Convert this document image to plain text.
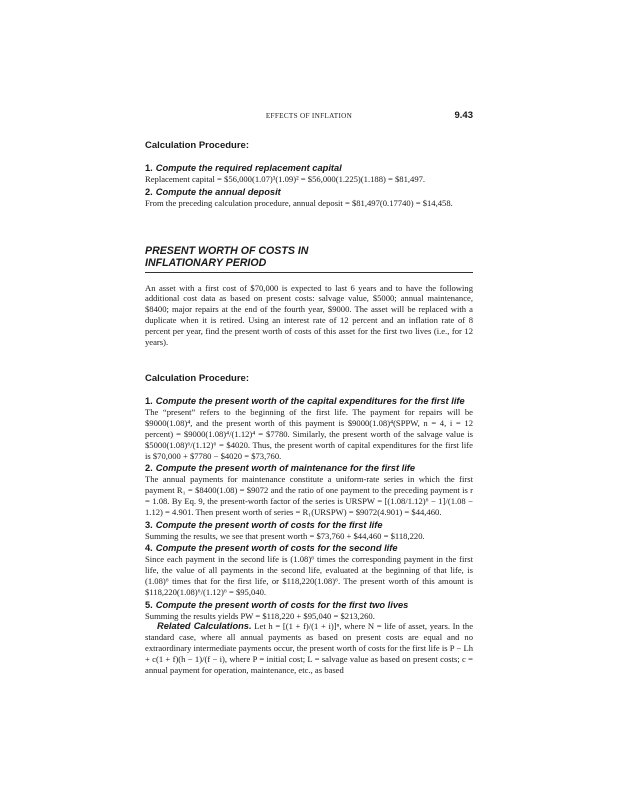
EFFECTS OF INFLATION	9.43

Calculation Procedure:

1. Compute the required replacement capital

Replacement capital = $56,000(1.07)³(1.09)² = $56,000(1.225)(1.188) = $81,497.

2. Compute the annual deposit

From the preceding calculation procedure, annual deposit = $81,497(0.17740) = $14,458.

PRESENT WORTH OF COSTS IN
INFLATIONARY PERIOD

An asset with a first cost of $70,000 is expected to last 6 years and to have the following additional cost data as based on present costs: salvage value, $5000; annual maintenance, $8400; major repairs at the end of the fourth year, $9000. The asset will be replaced with a duplicate when it is retired. Using an interest rate of 12 percent and an inflation rate of 8 percent per year, find the present worth of costs of this asset for the first two lives (i.e., for 12 years).

Calculation Procedure:

1. Compute the present worth of the capital expenditures for the first life

The “present” refers to the beginning of the first life. The payment for repairs will be $9000(1.08)⁴, and the present worth of this payment is $9000(1.08)⁴(SPPW, n = 4, i = 12 percent) = $9000(1.08)⁴/(1.12)⁴ = $7780. Similarly, the present worth of the salvage value is $5000(1.08)⁶/(1.12)⁶ = $4020. Thus, the present worth of capital expenditures for the first life is $70,000 + $7780 − $4020 = $73,760.

2. Compute the present worth of maintenance for the first life

The annual payments for maintenance constitute a uniform-rate series in which the first payment R₁ = $8400(1.08) = $9072 and the ratio of one payment to the preceding payment is r = 1.08. By Eq. 9, the present-worth factor of the series is URSPW = [(1.08/1.12)⁶ − 1]/(1.08 − 1.12) = 4.901. Then present worth of series = R₁(URSPW) = $9072(4.901) = $44,460.

3. Compute the present worth of costs for the first life

Summing the results, we see that present worth = $73,760 + $44,460 = $118,220.

4. Compute the present worth of costs for the second life

Since each payment in the second life is (1.08)⁶ times the corresponding payment in the first life, the value of all payments in the second life, evaluated at the beginning of that life, is (1.08)⁶ times that for the first life, or $118,220(1.08)⁶. The present worth of this amount is $118,220(1.08)⁶/(1.12)⁶ = $95,040.

5. Compute the present worth of costs for the first two lives

Summing the results yields PW = $118,220 + $95,040 = $213,260.

Related Calculations. Let h = [(1 + f)/(1 + i)]ⁿ, where N = life of asset, years. In the standard case, where all annual payments as based on present costs are equal and no extraordinary intermediate payments occur, the present worth of costs for the first life is P − Lh + c(1 + f)(h − 1)/(f − i), where P = initial cost; L = salvage value as based on present costs; c = annual payment for operation, maintenance, etc., as based
